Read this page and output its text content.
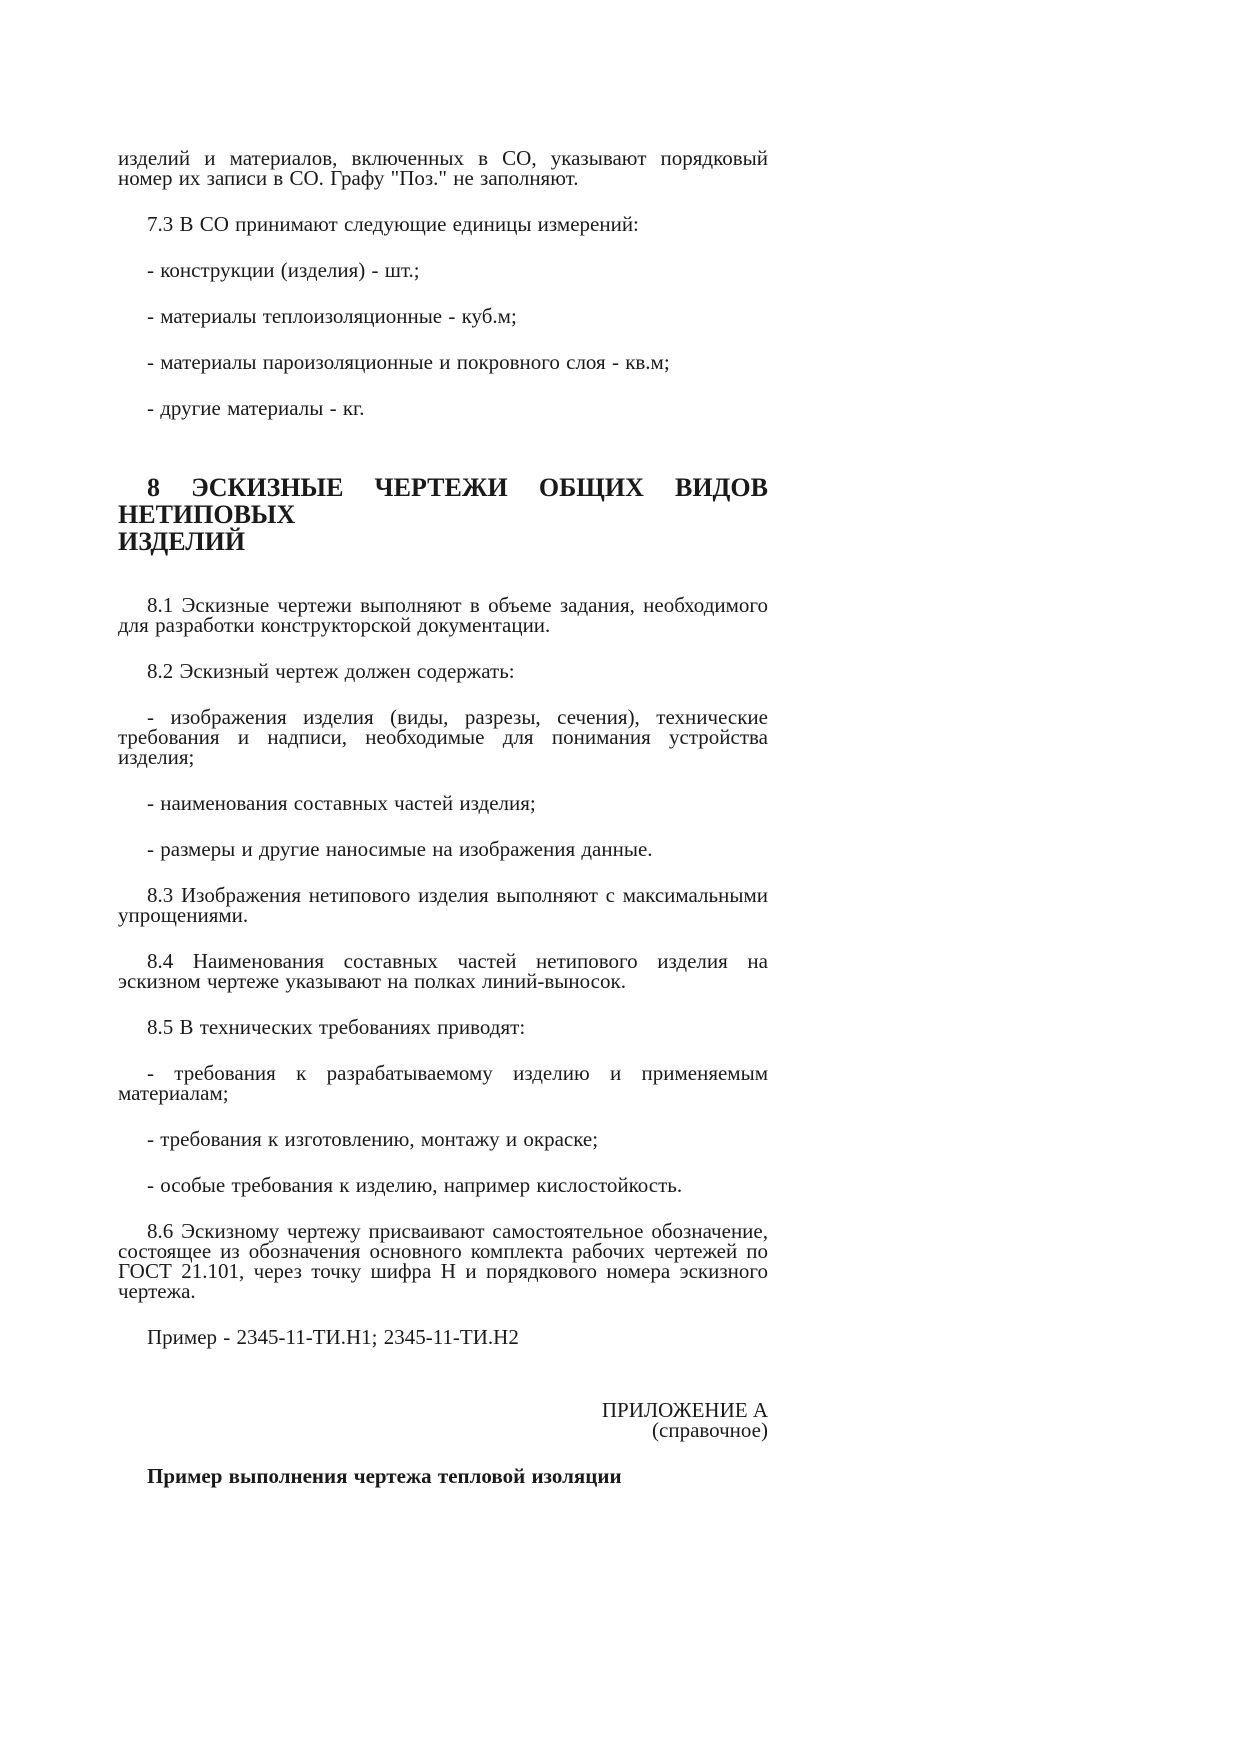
изделий и материалов, включенных в СО, указывают порядковый номер их записи в СО. Графу "Поз." не заполняют.

7.3 В СО принимают следующие единицы измерений:

- конструкции (изделия) - шт.;

- материалы теплоизоляционные - куб.м;

- материалы пароизоляционные и покровного слоя - кв.м;

- другие материалы - кг.

8 ЭСКИЗНЫЕ ЧЕРТЕЖИ ОБЩИХ ВИДОВ НЕТИПОВЫХ
ИЗДЕЛИЙ

8.1 Эскизные чертежи выполняют в объеме задания, необходимого для разработки конструкторской документации.

8.2 Эскизный чертеж должен содержать:

- изображения изделия (виды, разрезы, сечения), технические требования и надписи, необходимые для понимания устройства изделия;

- наименования составных частей изделия;

- размеры и другие наносимые на изображения данные.

8.3 Изображения нетипового изделия выполняют с максимальными упрощениями.

8.4 Наименования составных частей нетипового изделия на эскизном чертеже указывают на полках линий-выносок.

8.5 В технических требованиях приводят:

- требования к разрабатываемому изделию и применяемым материалам;

- требования к изготовлению, монтажу и окраске;

- особые требования к изделию, например кислостойкость.

8.6 Эскизному чертежу присваивают самостоятельное обозначение, состоящее из обозначения основного комплекта рабочих чертежей по ГОСТ 21.101, через точку шифра Н и порядкового номера эскизного чертежа.

Пример - 2345-11-ТИ.Н1; 2345-11-ТИ.Н2

ПРИЛОЖЕНИЕ А
(справочное)

Пример выполнения чертежа тепловой изоляции
